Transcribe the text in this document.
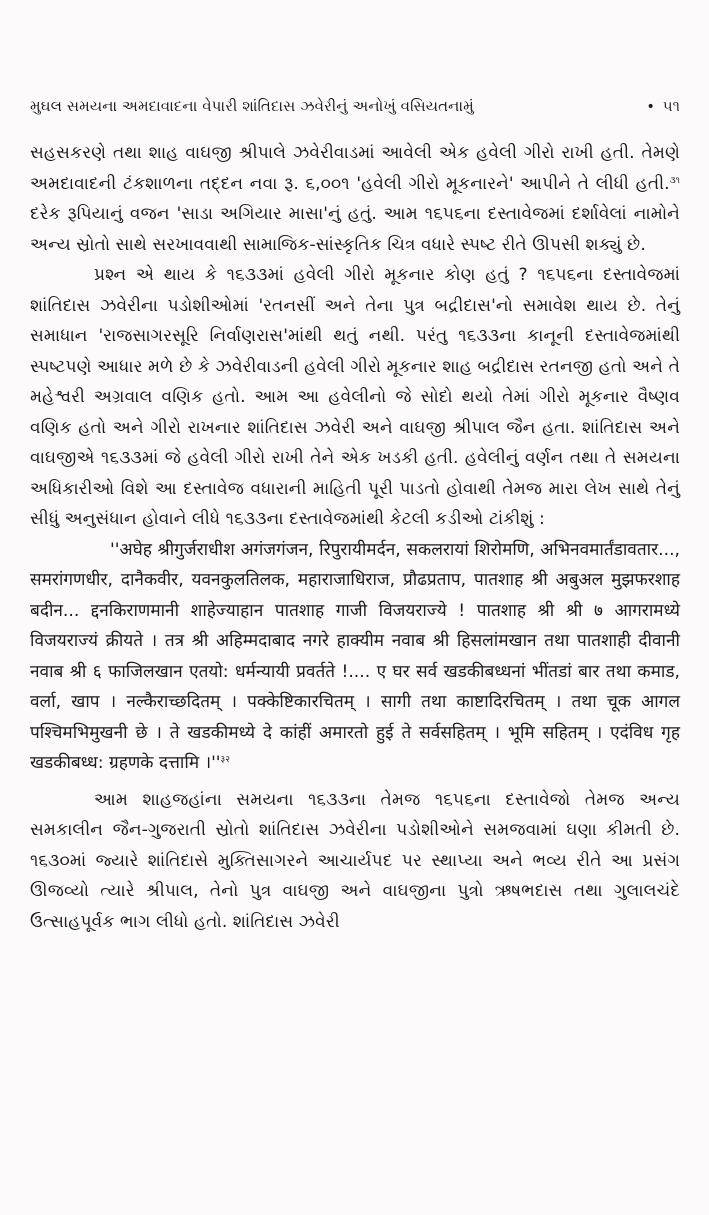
મુઘલ સમયના અમદાવાદના વેપારી શાંતિદાસ ઝવેરીનું અનોખું વસિયતનામું	• ૫૧

સહસકરણે તથા શાહ વાઘજી શ્રીપાલે ઝવેરીવાડમાં આવેલી એક હવેલી ગીરો રાખી હતી. તેમણે અમદાવાદની ટંકશાળના તદ્દન નવા રૂ. ૬,૦૦૧ 'હવેલી ગીરો મૂકનારને' આપીને તે લીધી હતી.$^{૩૧}$ દરેક રૂપિયાનું વજન 'સાડા અગિયાર માસા'નું હતું. આમ ૧૬૫૬ના દસ્તાવેજમાં દર્શાવેલાં નામોને અન્ય સ્રોતો સાથે સરખાવવાથી સામાજિક-સાંસ્કૃતિક ચિત્ર વધારે સ્પષ્ટ રીતે ઊપસી શક્યું છે.

પ્રશ્ન એ થાય કે ૧૬૩૩માં હવેલી ગીરો મૂકનાર કોણ હતું ? ૧૬૫૬ના દસ્તાવેજમાં શાંતિદાસ ઝવેરીના પડોશીઓમાં 'રતનસીં અને તેના પુત્ર બદ્રીદાસ'નો સમાવેશ થાય છે. તેનું સમાધાન 'રાજસાગરસૂરિ નિર્વાણરાસ'માંથી થતું નથી. પરંતુ ૧૬૩૩ના કાનૂની દસ્તાવેજમાંથી સ્પષ્ટપણે આધાર મળે છે કે ઝવેરીવાડની હવેલી ગીરો મૂકનાર શાહ બદ્રીદાસ રતનજી હતો અને તે મહેશ્વરી અગ્રવાલ વણિક હતો. આમ આ હવેલીનો જે સોદો થયો તેમાં ગીરો મૂકનાર વૈષ્ણવ વણિક હતો અને ગીરો રાખનાર શાંતિદાસ ઝવેરી અને વાઘજી શ્રીપાલ જૈન હતા. શાંતિદાસ અને વાઘજીએ ૧૬૩૩માં જે હવેલી ગીરો રાખી તેને એક ખડકી હતી. હવેલીનું વર્ણન તથા તે સમયના અધિકારીઓ વિશે આ દસ્તાવેજ વધારાની માહિતી પૂરી પાડતો હોવાથી તેમજ મારા લેખ સાથે તેનું સીધું અનુસંધાન હોવાને લીધે ૧૬૩૩ના દસ્તાવેજમાંથી કેટલી કડીઓ ટાંકીશું :

''अघेह श्रीगुर्जराधीश अगंजगंजन, रिपुरायीमर्दन, सकलरायां शिरोमणि, अभिनवमार्तंडावतार..., समरांगणधीर, दानैकवीर, यवनकुलतिलक, महाराजाधिराज, प्रौढप्रताप, पातशाह श्री अबुअल मुझफरशाह बदीन... द्दनकिराणमानी शाहेज्याहान पातशाह गाजी विजयराज्ये ! पातशाह श्री श्री ७ आगरामध्ये विजयराज्यं क्रीयते । तत्र श्री अहिम्मदाबाद नगरे हाक्यीम नवाब श्री हिसलांमखान तथा पातशाही दीवानी नवाब श्री ६ फाजिलखान एतयो: धर्मन्यायी प्रवर्तते !.... ए घर सर्व खडकीबध्धनां भींतडां बार तथा कमाड, वर्ला, खाप । नल्कैराच्छदितम् । पक्केष्टिकारचितम् । सागी तथा काष्टादिरचितम् । तथा चूक आगल पश्चिमभिमुखनी छे । ते खडकीमध्ये दे कांहीं अमारतो हुई ते सर्वसहितम् । भूमि सहितम् । एदंविध गृह खडकीबध्ध: ग्रहणके दत्तामि $।''^{३२}$

આમ શાહજહાંના સમયના ૧૬૩૩ના તેમજ ૧૬૫૬ના દસ્તાવેજો તેમજ અન્ય સમકાલીન જૈન-ગુજરાતી સ્રોતો શાંતિદાસ ઝવેરીના પડોશીઓને સમજવામાં ઘણા કીમતી છે. ૧૬૩૦માં જ્યારે શાંતિદાસે મુક્તિસાગરને આચાર્યપદ પર સ્થાપ્યા અને ભવ્ય રીતે આ પ્રસંગ ઊજવ્યો ત્યારે શ્રીપાલ, તેનો પુત્ર વાઘજી અને વાઘજીના પુત્રો ઋષભદાસ તથા ગુલાલચંદે ઉત્સાહપૂર્વક ભાગ લીધો હતો. શાંતિદાસ ઝવેરી
